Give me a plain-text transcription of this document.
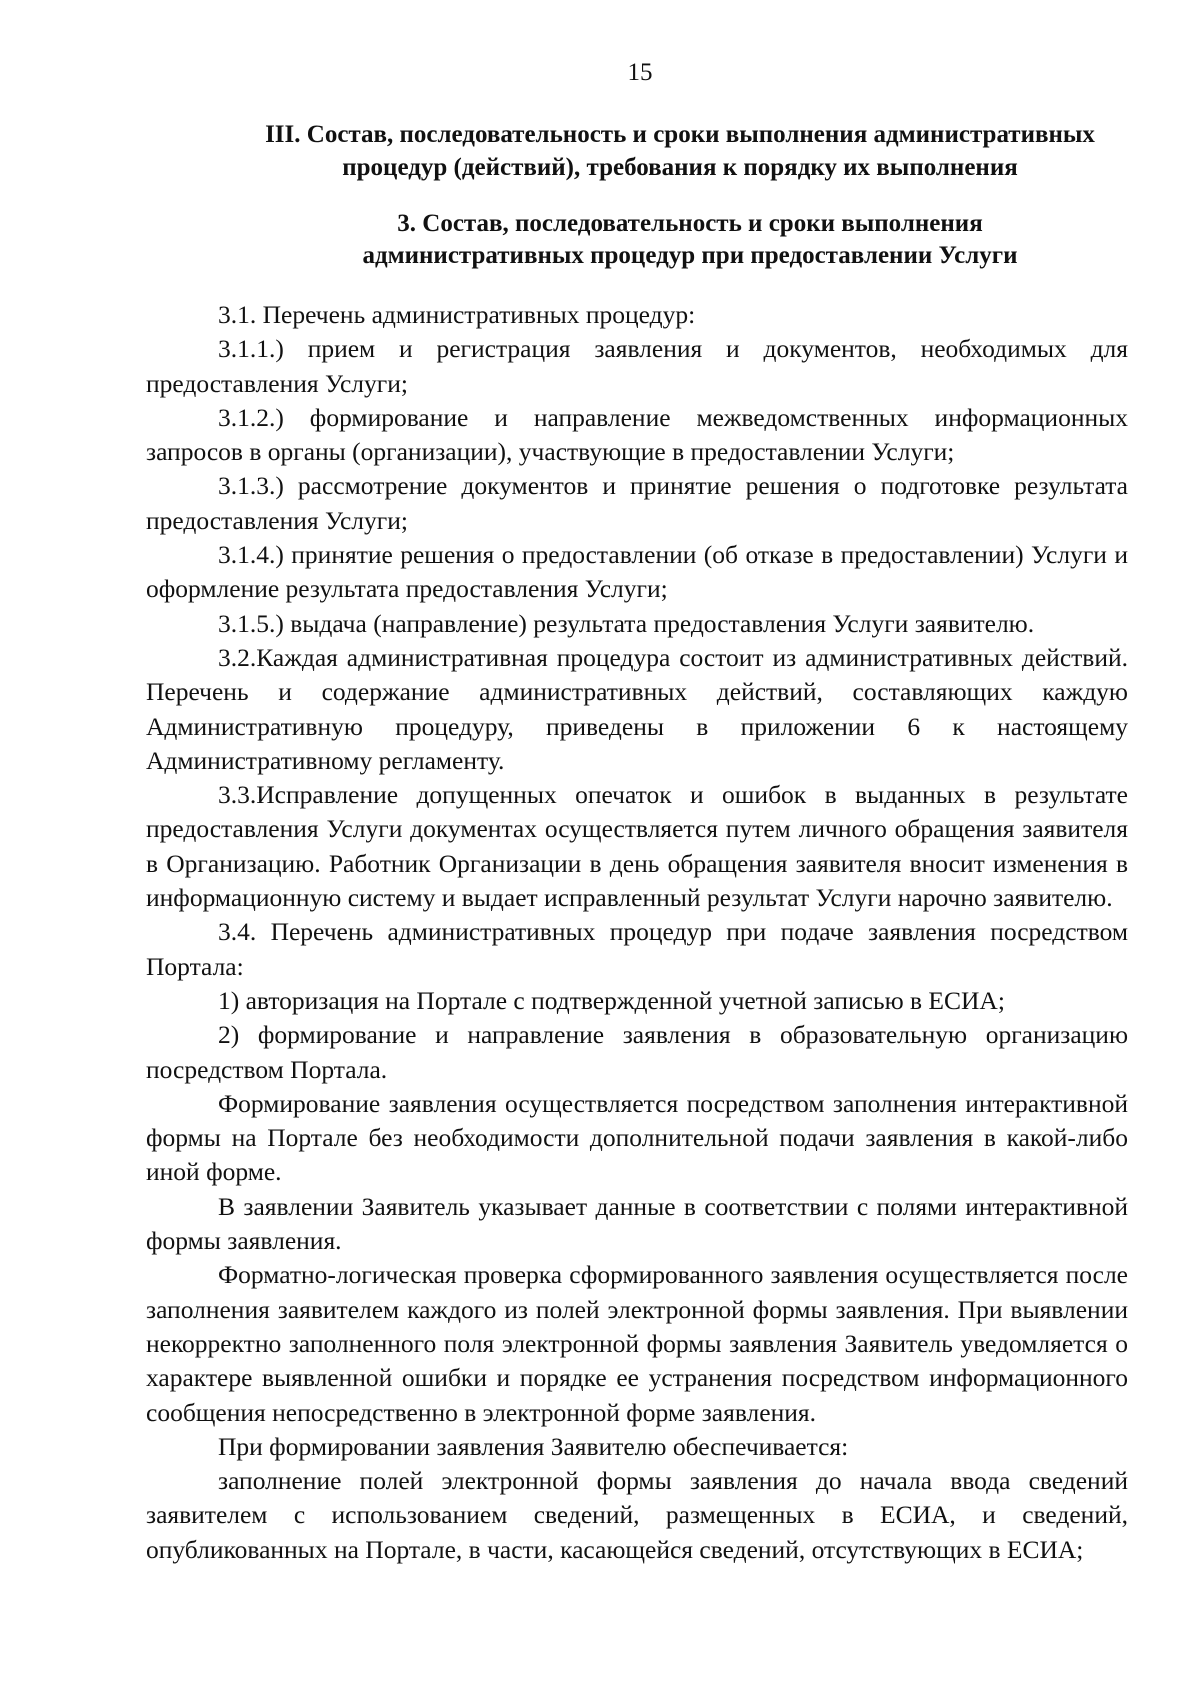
15
III. Состав, последовательность и сроки выполнения административных процедур (действий), требования к порядку их выполнения
3. Состав, последовательность и сроки выполнения административных процедур при предоставлении Услуги

3.1. Перечень административных процедур:

3.1.1.) прием и регистрация заявления и документов, необходимых для предоставления Услуги;

3.1.2.) формирование и направление межведомственных информационных запросов в органы (организации), участвующие в предоставлении Услуги;

3.1.3.) рассмотрение документов и принятие решения о подготовке результата предоставления Услуги;

3.1.4.) принятие решения о предоставлении (об отказе в предоставлении) Услуги и оформление результата предоставления Услуги;

3.1.5.) выдача (направление) результата предоставления Услуги заявителю.

3.2.Каждая административная процедура состоит из административных действий. Перечень и содержание административных действий, составляющих каждую Административную процедуру, приведены в приложении 6 к настоящему Административному регламенту.

3.3.Исправление допущенных опечаток и ошибок в выданных в результате предоставления Услуги документах осуществляется путем личного обращения заявителя в Организацию. Работник Организации в день обращения заявителя вносит изменения в информационную систему и выдает исправленный результат Услуги нарочно заявителю.

3.4. Перечень административных процедур при подаче заявления посредством Портала:

1) авторизация на Портале с подтвержденной учетной записью в ЕСИА;

2) формирование и направление заявления в образовательную организацию посредством Портала.

Формирование заявления осуществляется посредством заполнения интерактивной формы на Портале без необходимости дополнительной подачи заявления в какой-либо иной форме.

В заявлении Заявитель указывает данные в соответствии с полями интерактивной формы заявления.

Форматно-логическая проверка сформированного заявления осуществляется после заполнения заявителем каждого из полей электронной формы заявления. При выявлении некорректно заполненного поля электронной формы заявления Заявитель уведомляется о характере выявленной ошибки и порядке ее устранения посредством информационного сообщения непосредственно в электронной форме заявления.

При формировании заявления Заявителю обеспечивается:

заполнение полей электронной формы заявления до начала ввода сведений заявителем с использованием сведений, размещенных в ЕСИА, и сведений, опубликованных на Портале, в части, касающейся сведений, отсутствующих в ЕСИА;
